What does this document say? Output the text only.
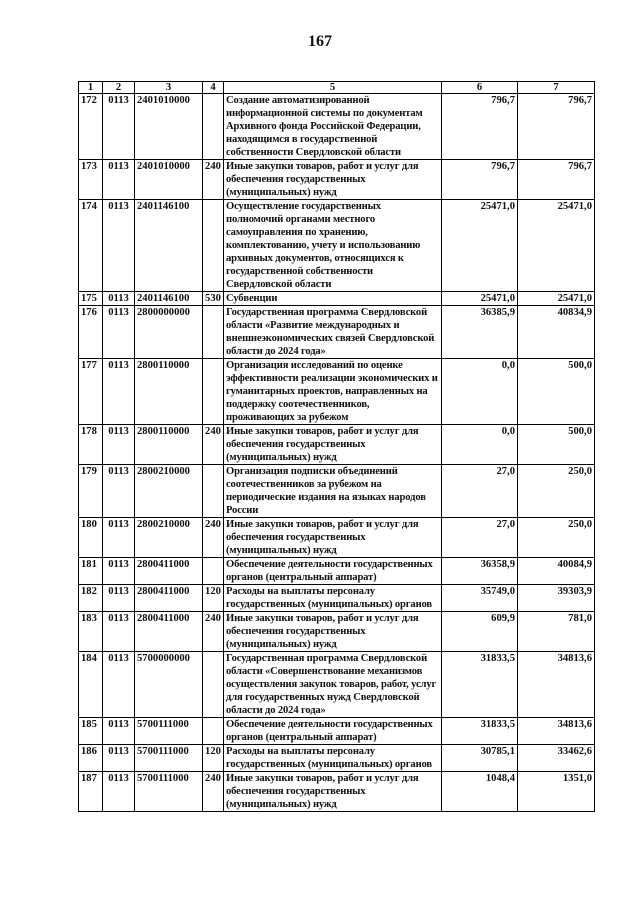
167
1	2	3	4	5	6	7
172	0113	2401010000		Создание автоматизированной информационной системы по документам Архивного фонда Российской Федерации, находящимся в государственной собственности Свердловской области	796,7	796,7
173	0113	2401010000	240	Иные закупки товаров, работ и услуг для обеспечения государственных (муниципальных) нужд	796,7	796,7
174	0113	2401146100		Осуществление государственных полномочий органами местного самоуправления по хранению, комплектованию, учету и использованию архивных документов, относящихся к государственной собственности Свердловской области	25471,0	25471,0
175	0113	2401146100	530	Субвенции	25471,0	25471,0
176	0113	2800000000		Государственная программа Свердловской области «Развитие международных и внешнеэкономических связей Свердловской области до 2024 года»	36385,9	40834,9
177	0113	2800110000		Организация исследований по оценке эффективности реализации экономических и гуманитарных проектов, направленных на поддержку соотечественников, проживающих за рубежом	0,0	500,0
178	0113	2800110000	240	Иные закупки товаров, работ и услуг для обеспечения государственных (муниципальных) нужд	0,0	500,0
179	0113	2800210000		Организация подписки объединений соотечественников за рубежом на периодические издания на языках народов России	27,0	250,0
180	0113	2800210000	240	Иные закупки товаров, работ и услуг для обеспечения государственных (муниципальных) нужд	27,0	250,0
181	0113	2800411000		Обеспечение деятельности государственных органов (центральный аппарат)	36358,9	40084,9
182	0113	2800411000	120	Расходы на выплаты персоналу государственных (муниципальных) органов	35749,0	39303,9
183	0113	2800411000	240	Иные закупки товаров, работ и услуг для обеспечения государственных (муниципальных) нужд	609,9	781,0
184	0113	5700000000		Государственная программа Свердловской области «Совершенствование механизмов осуществления закупок товаров, работ, услуг для государственных нужд Свердловской области до 2024 года»	31833,5	34813,6
185	0113	5700111000		Обеспечение деятельности государственных органов (центральный аппарат)	31833,5	34813,6
186	0113	5700111000	120	Расходы на выплаты персоналу государственных (муниципальных) органов	30785,1	33462,6
187	0113	5700111000	240	Иные закупки товаров, работ и услуг для обеспечения государственных (муниципальных) нужд	1048,4	1351,0
